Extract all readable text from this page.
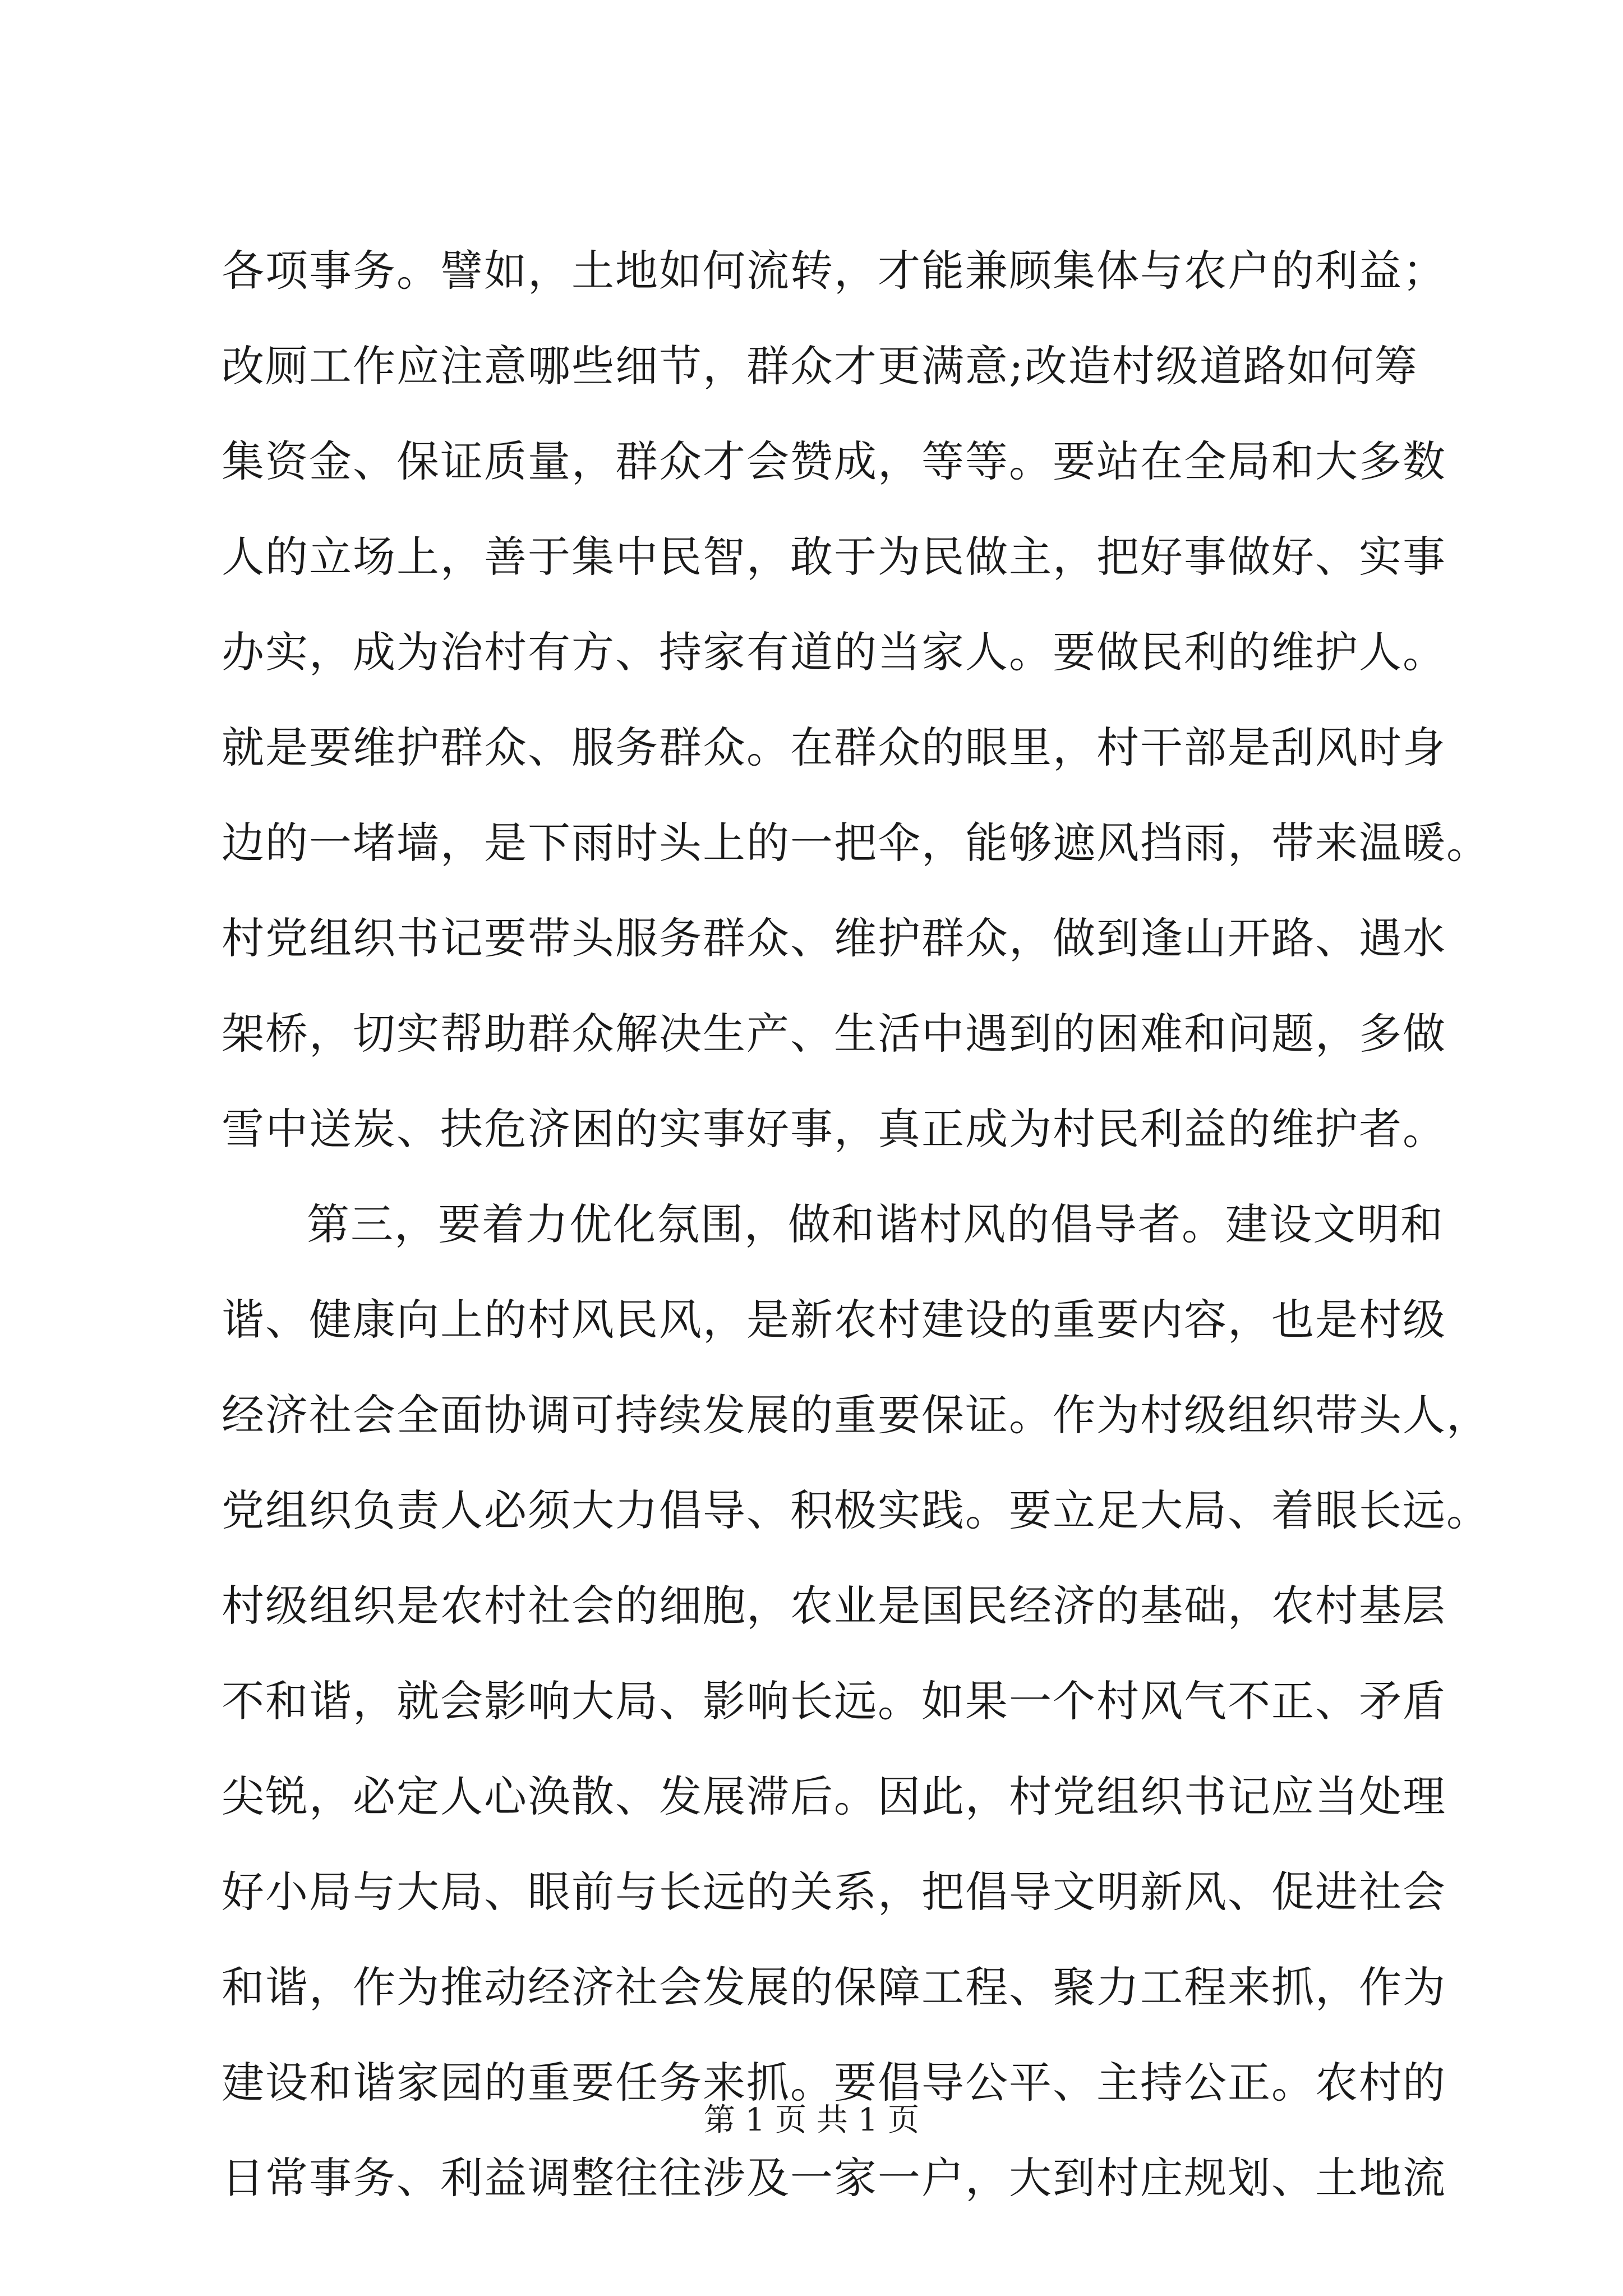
各项事务。譬如，土地如何流转，才能兼顾集体与农户的利益；
改厕工作应注意哪些细节，群众才更满意;改造村级道路如何筹
集资金、保证质量，群众才会赞成，等等。要站在全局和大多数
人的立场上，善于集中民智，敢于为民做主，把好事做好、实事
办实，成为治村有方、持家有道的当家人。要做民利的维护人。
就是要维护群众、服务群众。在群众的眼里，村干部是刮风时身
边的一堵墙，是下雨时头上的一把伞，能够遮风挡雨，带来温暖。
村党组织书记要带头服务群众、维护群众，做到逢山开路、遇水
架桥，切实帮助群众解决生产、生活中遇到的困难和问题，多做
雪中送炭、扶危济困的实事好事，真正成为村民利益的维护者。
第三，要着力优化氛围，做和谐村风的倡导者。建设文明和
谐、健康向上的村风民风，是新农村建设的重要内容，也是村级
经济社会全面协调可持续发展的重要保证。作为村级组织带头人，
党组织负责人必须大力倡导、积极实践。要立足大局、着眼长远。
村级组织是农村社会的细胞，农业是国民经济的基础，农村基层
不和谐，就会影响大局、影响长远。如果一个村风气不正、矛盾
尖锐，必定人心涣散、发展滞后。因此，村党组织书记应当处理
好小局与大局、眼前与长远的关系，把倡导文明新风、促进社会
和谐，作为推动经济社会发展的保障工程、聚力工程来抓，作为
建设和谐家园的重要任务来抓。要倡导公平、主持公正。农村的
日常事务、利益调整往往涉及一家一户，大到村庄规划、土地流
第 1 页 共 1 页
